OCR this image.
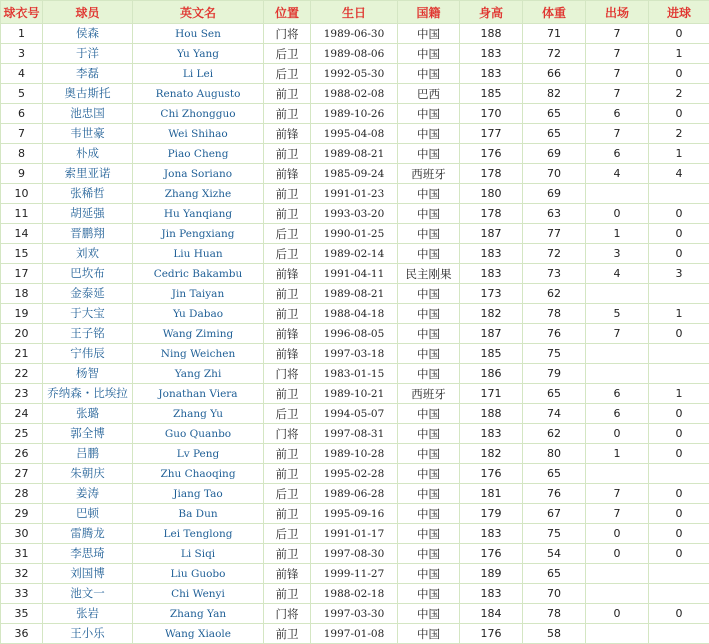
球衣号	球员	英文名	位置	生日	国籍	身高	体重	出场	进球
1	侯森	Hou Sen	门将	1989-06-30	中国	188	71	7	0
3	于洋	Yu Yang	后卫	1989-08-06	中国	183	72	7	1
4	李磊	Li Lei	后卫	1992-05-30	中国	183	66	7	0
5	奥古斯托	Renato Augusto	前卫	1988-02-08	巴西	185	82	7	2
6	池忠国	Chi Zhongguo	前卫	1989-10-26	中国	170	65	6	0
7	韦世豪	Wei Shihao	前锋	1995-04-08	中国	177	65	7	2
8	朴成	Piao Cheng	前卫	1989-08-21	中国	176	69	6	1
9	索里亚诺	Jona Soriano	前锋	1985-09-24	西班牙	178	70	4	4
10	张稀哲	Zhang Xizhe	前卫	1991-01-23	中国	180	69		
11	胡延强	Hu Yanqiang	前卫	1993-03-20	中国	178	63	0	0
14	晋鹏翔	Jin Pengxiang	后卫	1990-01-25	中国	187	77	1	0
15	刘欢	Liu Huan	后卫	1989-02-14	中国	183	72	3	0
17	巴坎布	Cedric Bakambu	前锋	1991-04-11	民主刚果	183	73	4	3
18	金泰延	Jin Taiyan	前卫	1989-08-21	中国	173	62		
19	于大宝	Yu Dabao	前卫	1988-04-18	中国	182	78	5	1
20	王子铭	Wang Ziming	前锋	1996-08-05	中国	187	76	7	0
21	宁伟辰	Ning Weichen	前锋	1997-03-18	中国	185	75		
22	杨智	Yang Zhi	门将	1983-01-15	中国	186	79		
23	乔纳森・比埃拉	Jonathan Viera	前卫	1989-10-21	西班牙	171	65	6	1
24	张璐	Zhang Yu	后卫	1994-05-07	中国	188	74	6	0
25	郭全博	Guo Quanbo	门将	1997-08-31	中国	183	62	0	0
26	吕鹏	Lv Peng	前卫	1989-10-28	中国	182	80	1	0
27	朱朝庆	Zhu Chaoqing	前卫	1995-02-28	中国	176	65		
28	姜涛	Jiang Tao	后卫	1989-06-28	中国	181	76	7	0
29	巴顿	Ba Dun	前卫	1995-09-16	中国	179	67	7	0
30	雷腾龙	Lei Tenglong	后卫	1991-01-17	中国	183	75	0	0
31	李思琦	Li Siqi	前卫	1997-08-30	中国	176	54	0	0
32	刘国博	Liu Guobo	前锋	1999-11-27	中国	189	65		
33	池文一	Chi Wenyi	前卫	1988-02-18	中国	183	70		
35	张岩	Zhang Yan	门将	1997-03-30	中国	184	78	0	0
36	王小乐	Wang Xiaole	前卫	1997-01-08	中国	176	58		
